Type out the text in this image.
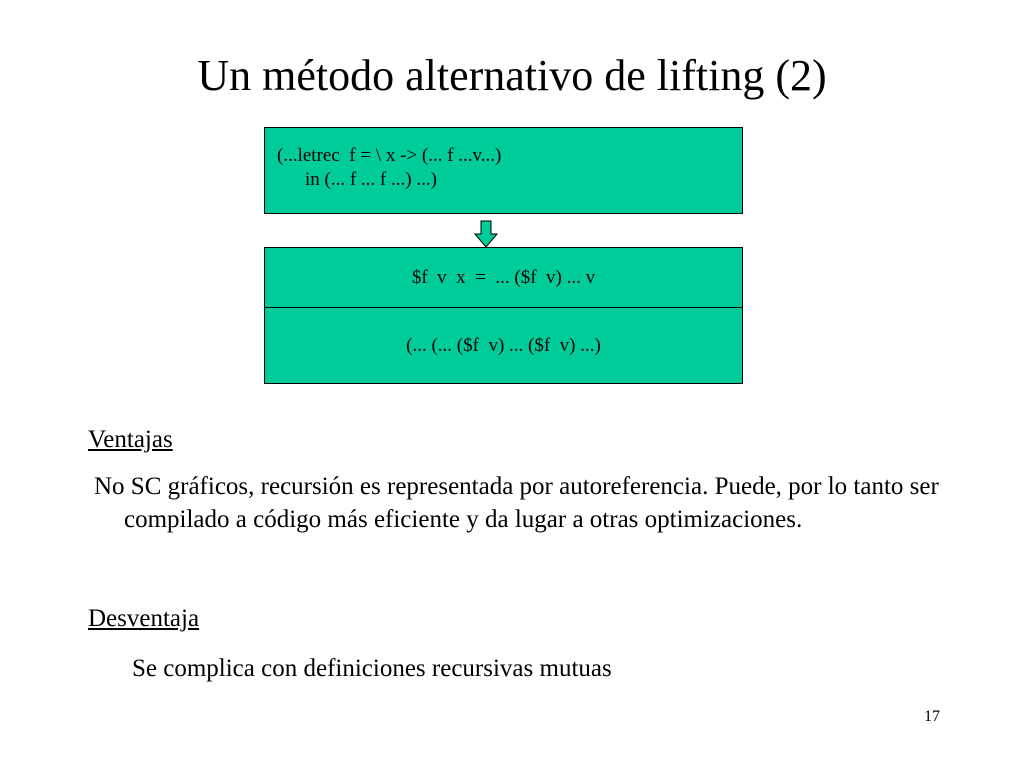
Un método alternativo de lifting (2)
(...letrec  f = \ x -> (... f ...v...)
in (... f ... f ...) ...)
$f  v  x  =  ... ($f  v) ... v
(... (... ($f  v) ... ($f  v) ...)
Ventajas
No SC gráficos, recursión es representada por autoreferencia. Puede, por lo tanto ser compilado a código más eficiente y da lugar a otras optimizaciones.
Desventaja
Se complica con definiciones recursivas mutuas
17
